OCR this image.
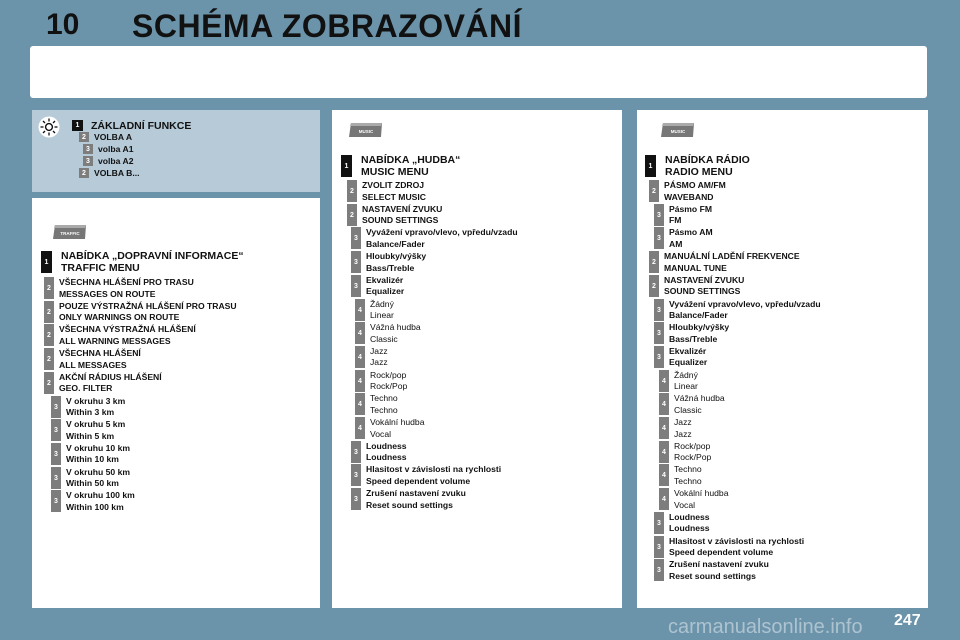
10 SCHÉMA ZOBRAZOVÁNÍ
1	ZÁKLADNÍ FUNKCE
2 VOLBA A
3 volba A1
3 volba A2
2 VOLBA B...
TRAFFIC
1
NABÍDKA „DOPRAVNÍ INFORMACE“
TRAFFIC MENU
2
VŠECHNA HLÁŠENÍ PRO TRASU
MESSAGES ON ROUTE
2
POUZE VÝSTRAŽNÁ HLÁŠENÍ PRO TRASU
ONLY WARNINGS ON ROUTE
2
VŠECHNA VÝSTRAŽNÁ HLÁŠENÍ
ALL WARNING MESSAGES
2
VŠECHNA HLÁŠENÍ
ALL MESSAGES
2
AKČNÍ RÁDIUS HLÁŠENÍ
GEO. FILTER
3
V okruhu 3 km
Within 3 km
3
V okruhu 5 km
Within 5 km
3
V okruhu 10 km
Within 10 km
3
V okruhu 50 km
Within 50 km
3
V okruhu 100 km
Within 100 km
MUSIC
1
NABÍDKA „HUDBA“
MUSIC MENU
2
ZVOLIT ZDROJ
SELECT MUSIC
2
NASTAVENÍ ZVUKU
SOUND SETTINGS
3
Vyvážení vpravo/vlevo, vpředu/vzadu
Balance/Fader
3
Hloubky/výšky
Bass/Treble
3
Ekvalizér
Equalizer
4
Žádný
Linear
4
Vážná hudba
Classic
4
Jazz
Jazz
4
Rock/pop
Rock/Pop
4
Techno
Techno
4
Vokální hudba
Vocal
3
Loudness
Loudness
3
Hlasitost v závislosti na rychlosti
Speed dependent volume
3
Zrušení nastavení zvuku
Reset sound settings
MUSIC
1
NABÍDKA RÁDIO
RADIO MENU
2
PÁSMO AM/FM
WAVEBAND
3
Pásmo FM
FM
3
Pásmo AM
AM
2
MANUÁLNÍ LADĚNÍ FREKVENCE
MANUAL TUNE
2
NASTAVENÍ ZVUKU
SOUND SETTINGS
3
Vyvážení vpravo/vlevo, vpředu/vzadu
Balance/Fader
3
Hloubky/výšky
Bass/Treble
3
Ekvalizér
Equalizer
4
Žádný
Linear
4
Vážná hudba
Classic
4
Jazz
Jazz
4
Rock/pop
Rock/Pop
4
Techno
Techno
4
Vokální hudba
Vocal
3
Loudness
Loudness
3
Hlasitost v závislosti na rychlosti
Speed dependent volume
3
Zrušení nastavení zvuku
Reset sound settings
carmanualsonline.info 247
